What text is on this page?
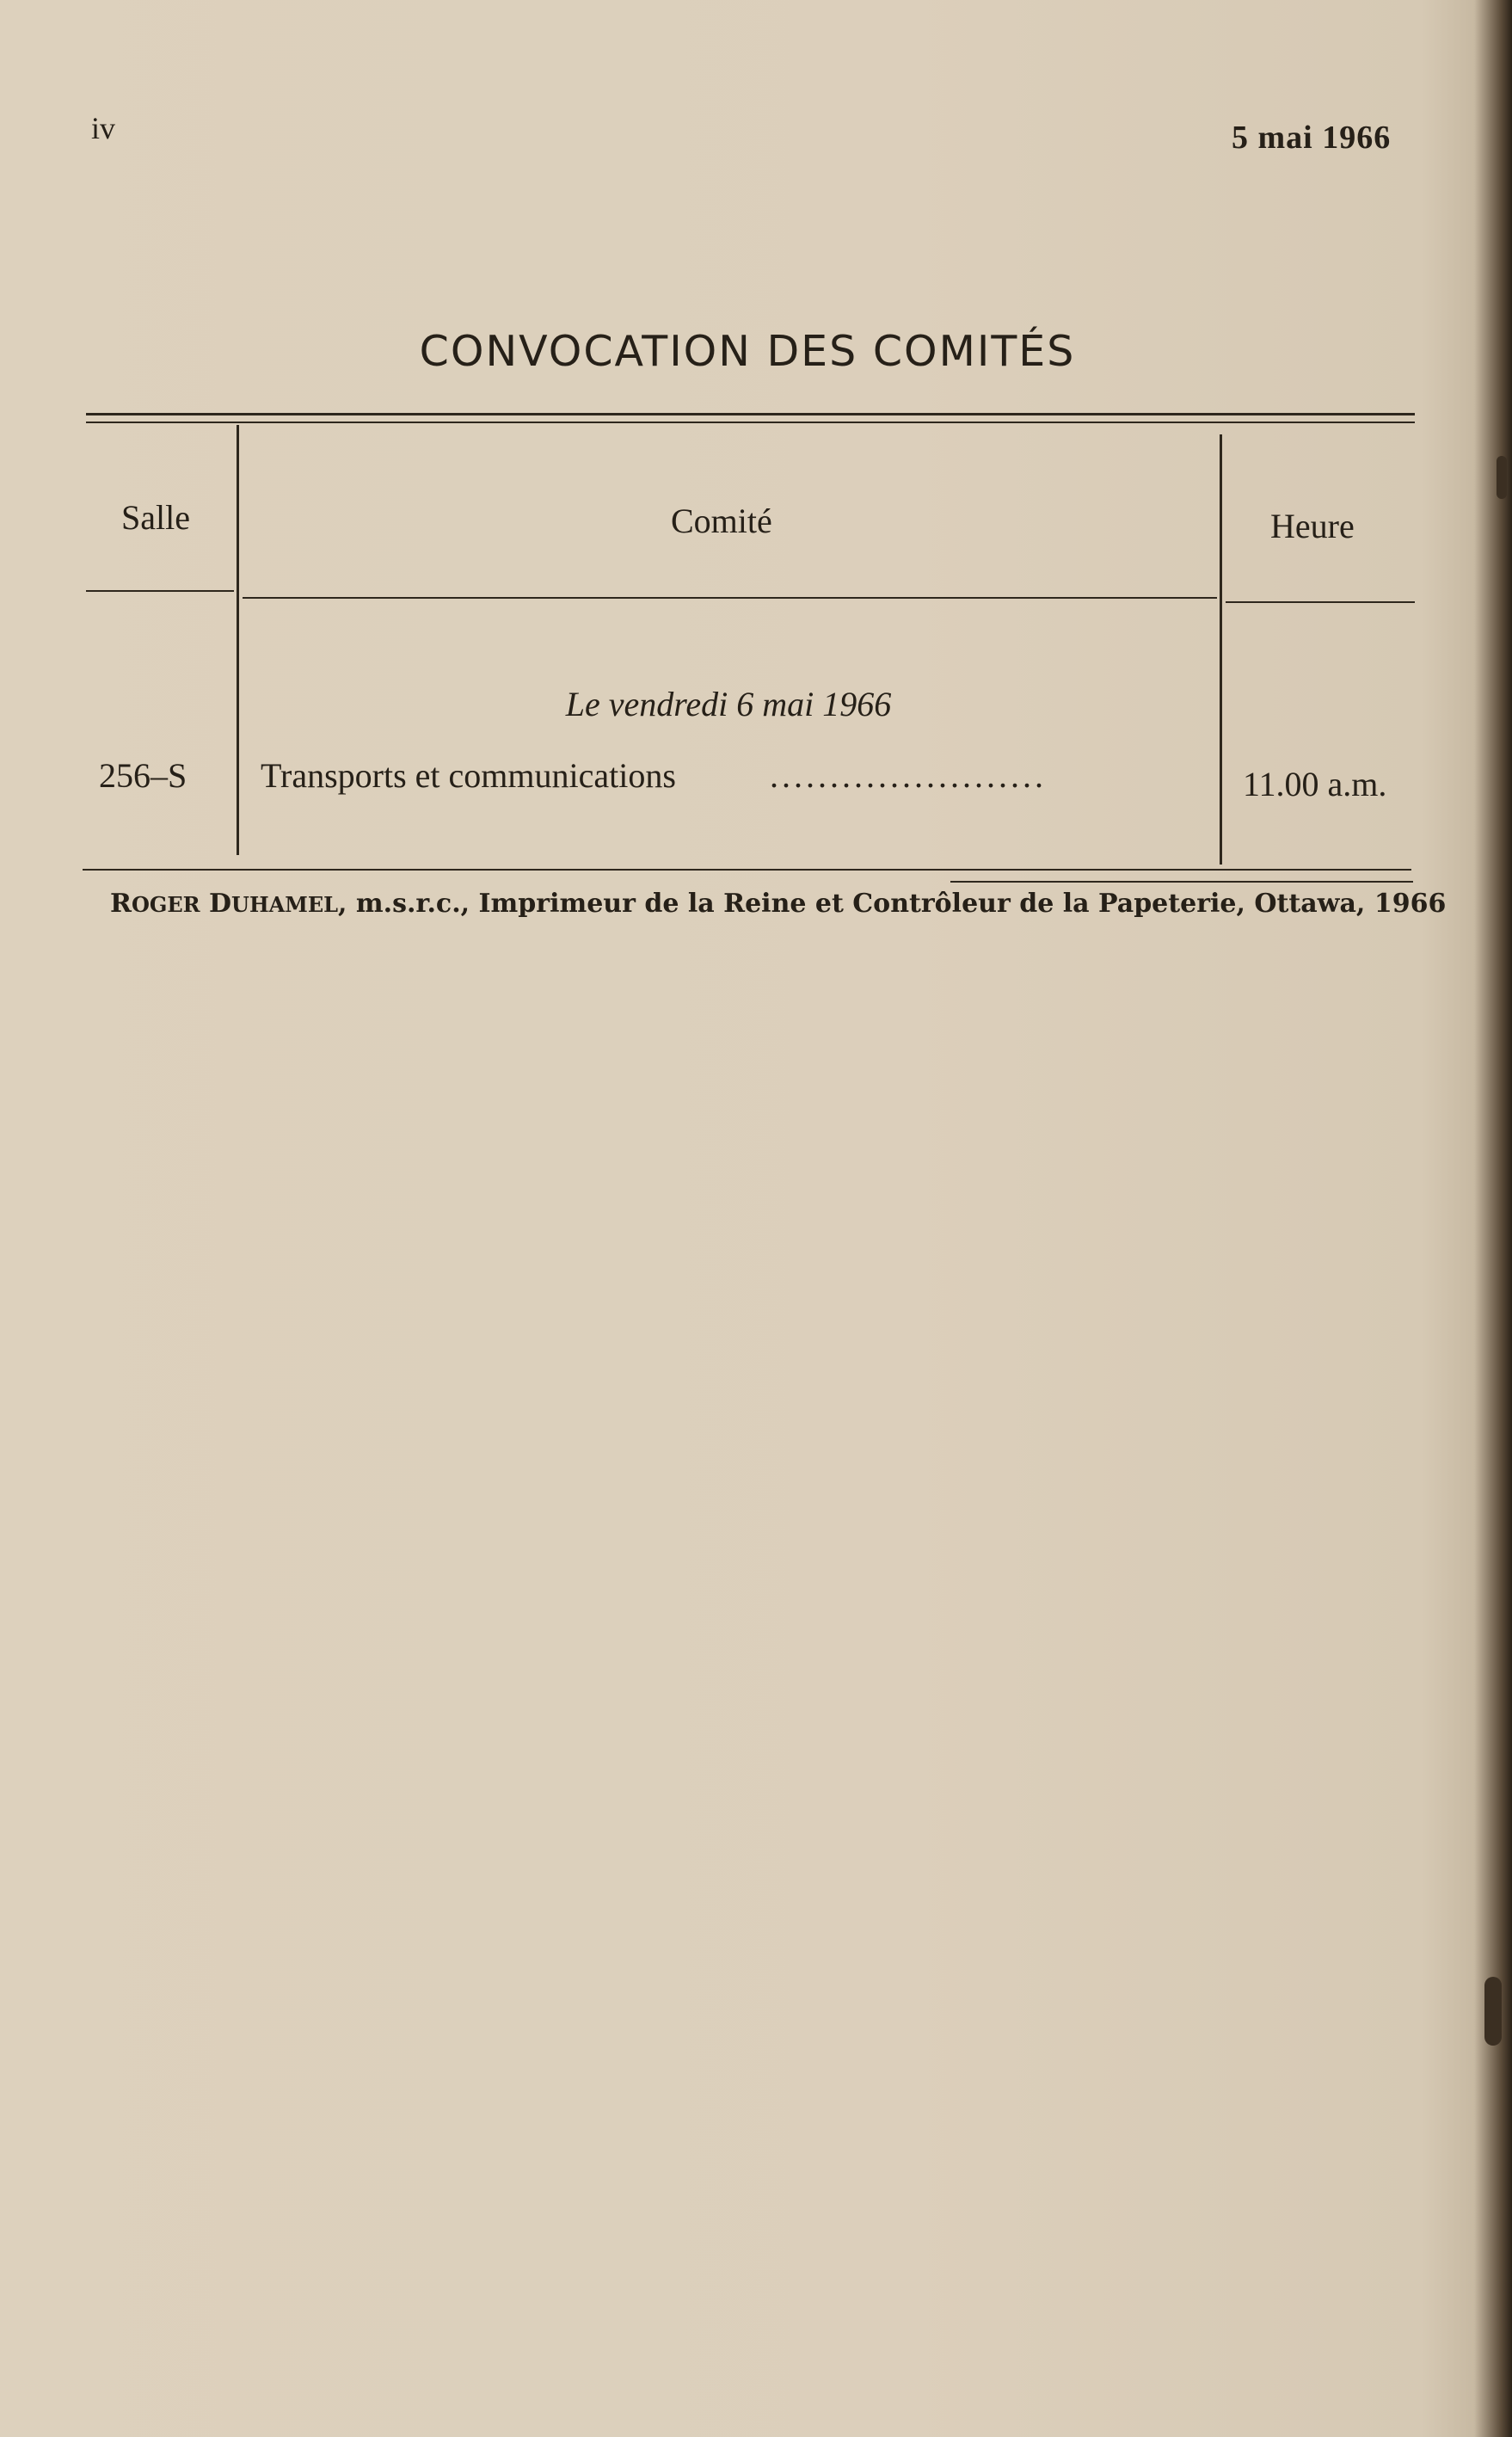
iv	5 mai 1966
CONVOCATION DES COMITÉS
Salle	Comité	Heure
Le vendredi 6 mai 1966
256–S Transports et communications	.......................	11.00 a.m.
ROGER DUHAMEL, m.s.r.c., Imprimeur de la Reine et Contrôleur de la Papeterie, Ottawa, 1966
